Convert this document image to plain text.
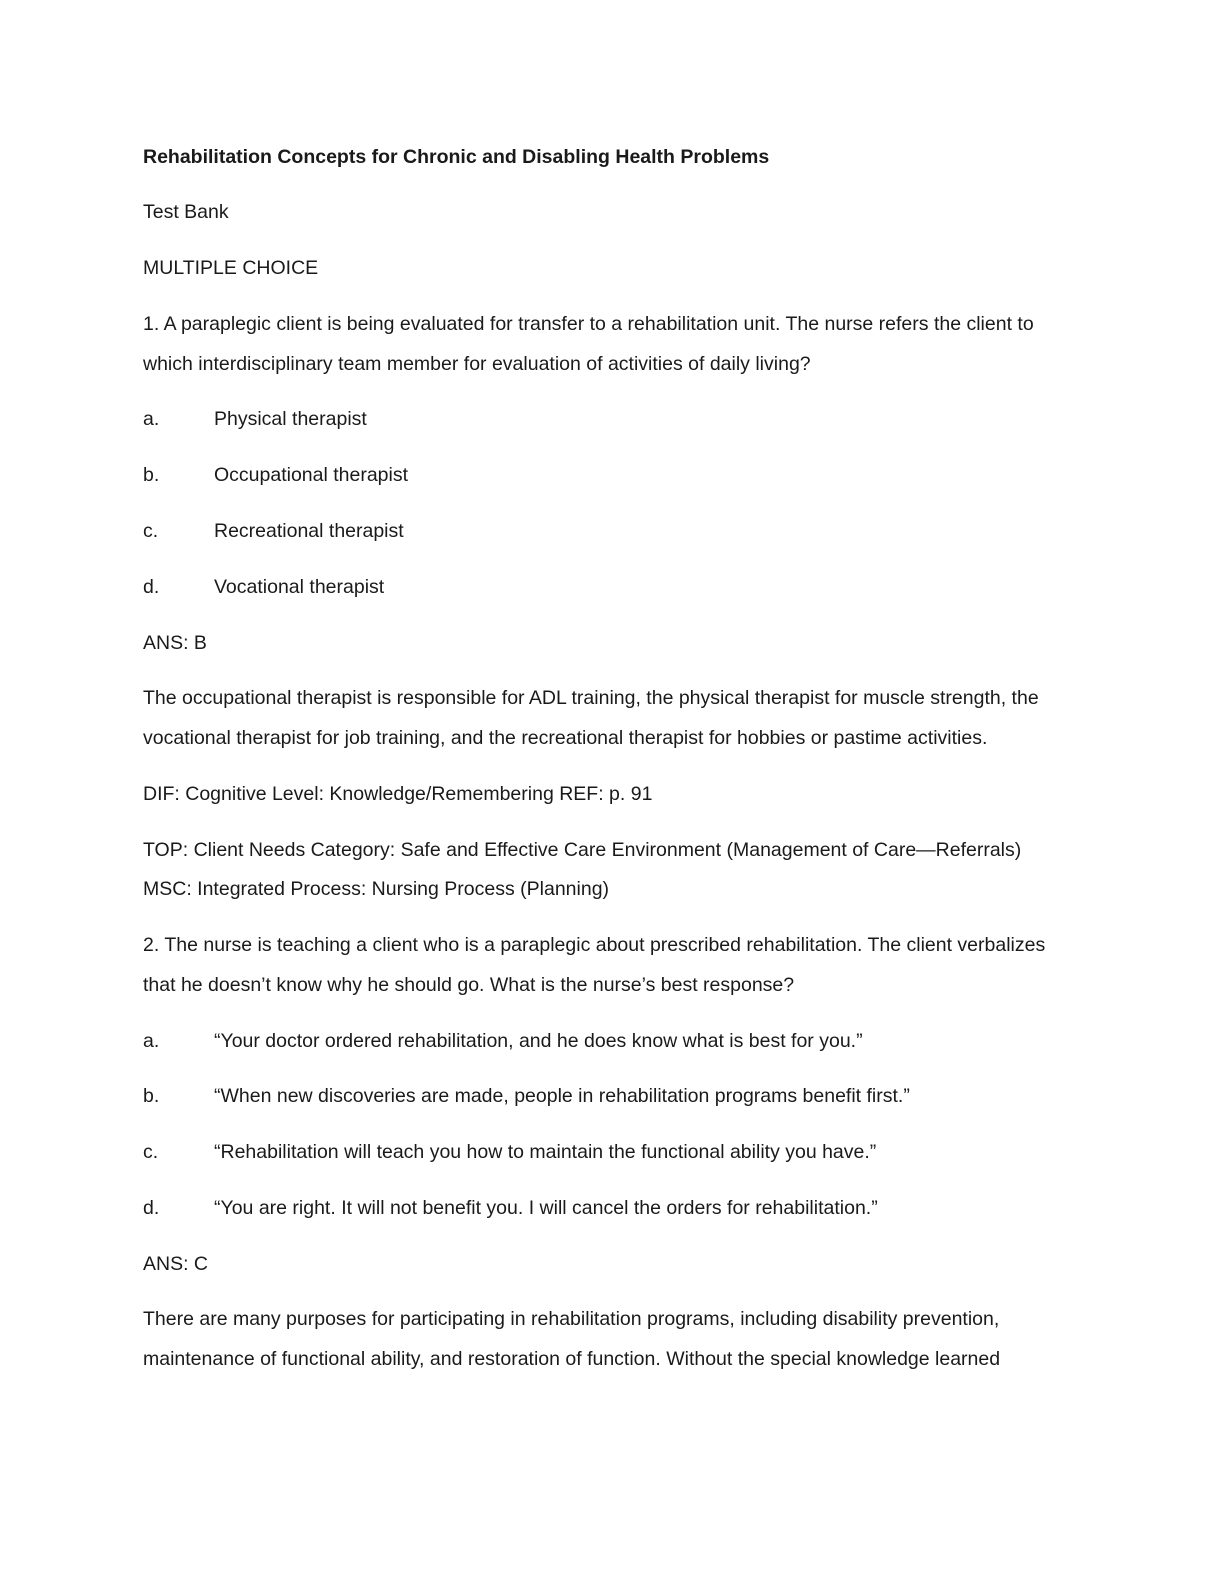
Rehabilitation Concepts for Chronic and Disabling Health Problems
Test Bank
MULTIPLE CHOICE
1. A paraplegic client is being evaluated for transfer to a rehabilitation unit. The nurse refers the client to
which interdisciplinary team member for evaluation of activities of daily living?
a.	Physical therapist
b.	Occupational therapist
c.	Recreational therapist
d.	Vocational therapist
ANS: B
The occupational therapist is responsible for ADL training, the physical therapist for muscle strength, the
vocational therapist for job training, and the recreational therapist for hobbies or pastime activities.
DIF: Cognitive Level: Knowledge/Remembering REF: p. 91
TOP: Client Needs Category: Safe and Effective Care Environment (Management of Care—Referrals)
MSC: Integrated Process: Nursing Process (Planning)
2. The nurse is teaching a client who is a paraplegic about prescribed rehabilitation. The client verbalizes
that he doesn’t know why he should go. What is the nurse’s best response?
a.	“Your doctor ordered rehabilitation, and he does know what is best for you.”
b.	“When new discoveries are made, people in rehabilitation programs benefit first.”
c.	“Rehabilitation will teach you how to maintain the functional ability you have.”
d.	“You are right. It will not benefit you. I will cancel the orders for rehabilitation.”
ANS: C
There are many purposes for participating in rehabilitation programs, including disability prevention,
maintenance of functional ability, and restoration of function. Without the special knowledge learned
